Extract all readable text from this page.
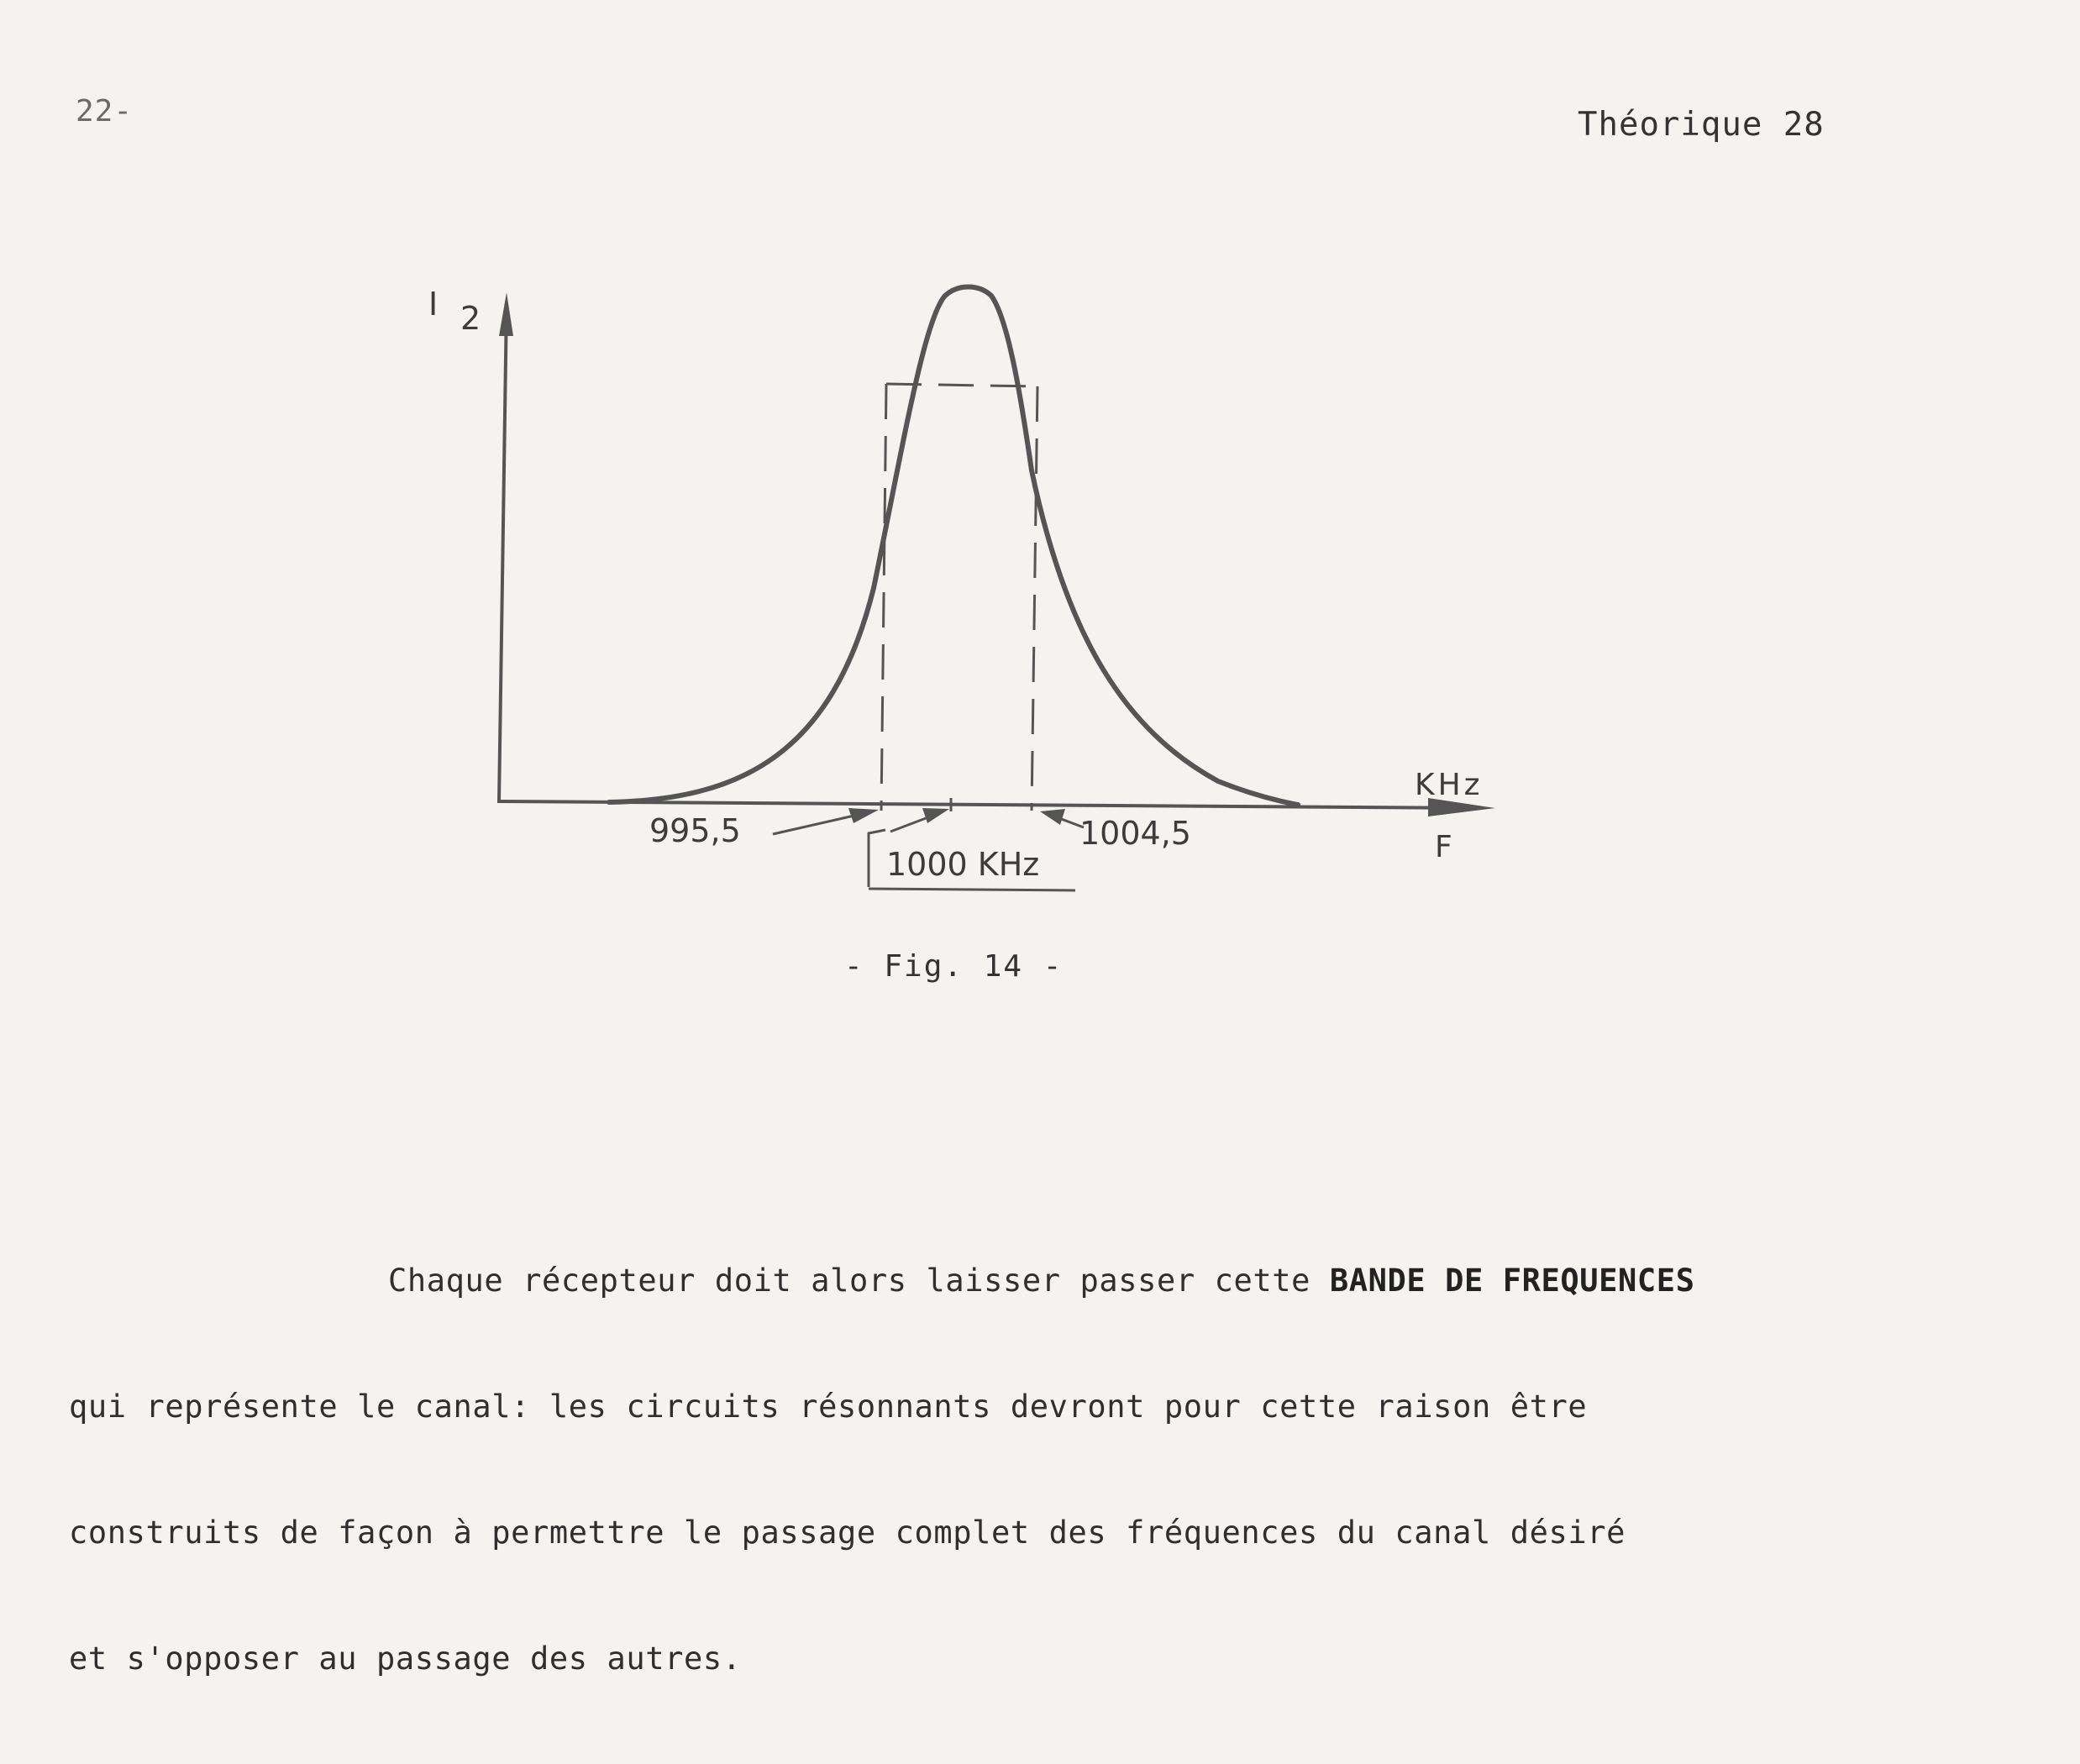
22-	Théorique 28
I 2
KHz
F
995,5	1004,5
1000 KHz
- Fig. 14 -

Chaque récepteur doit alors laisser passer cette BANDE DE FREQUENCES

qui représente le canal: les circuits résonnants devront pour cette raison être

construits de façon à permettre le passage complet des fréquences du canal désiré

et s'opposer au passage des autres.
